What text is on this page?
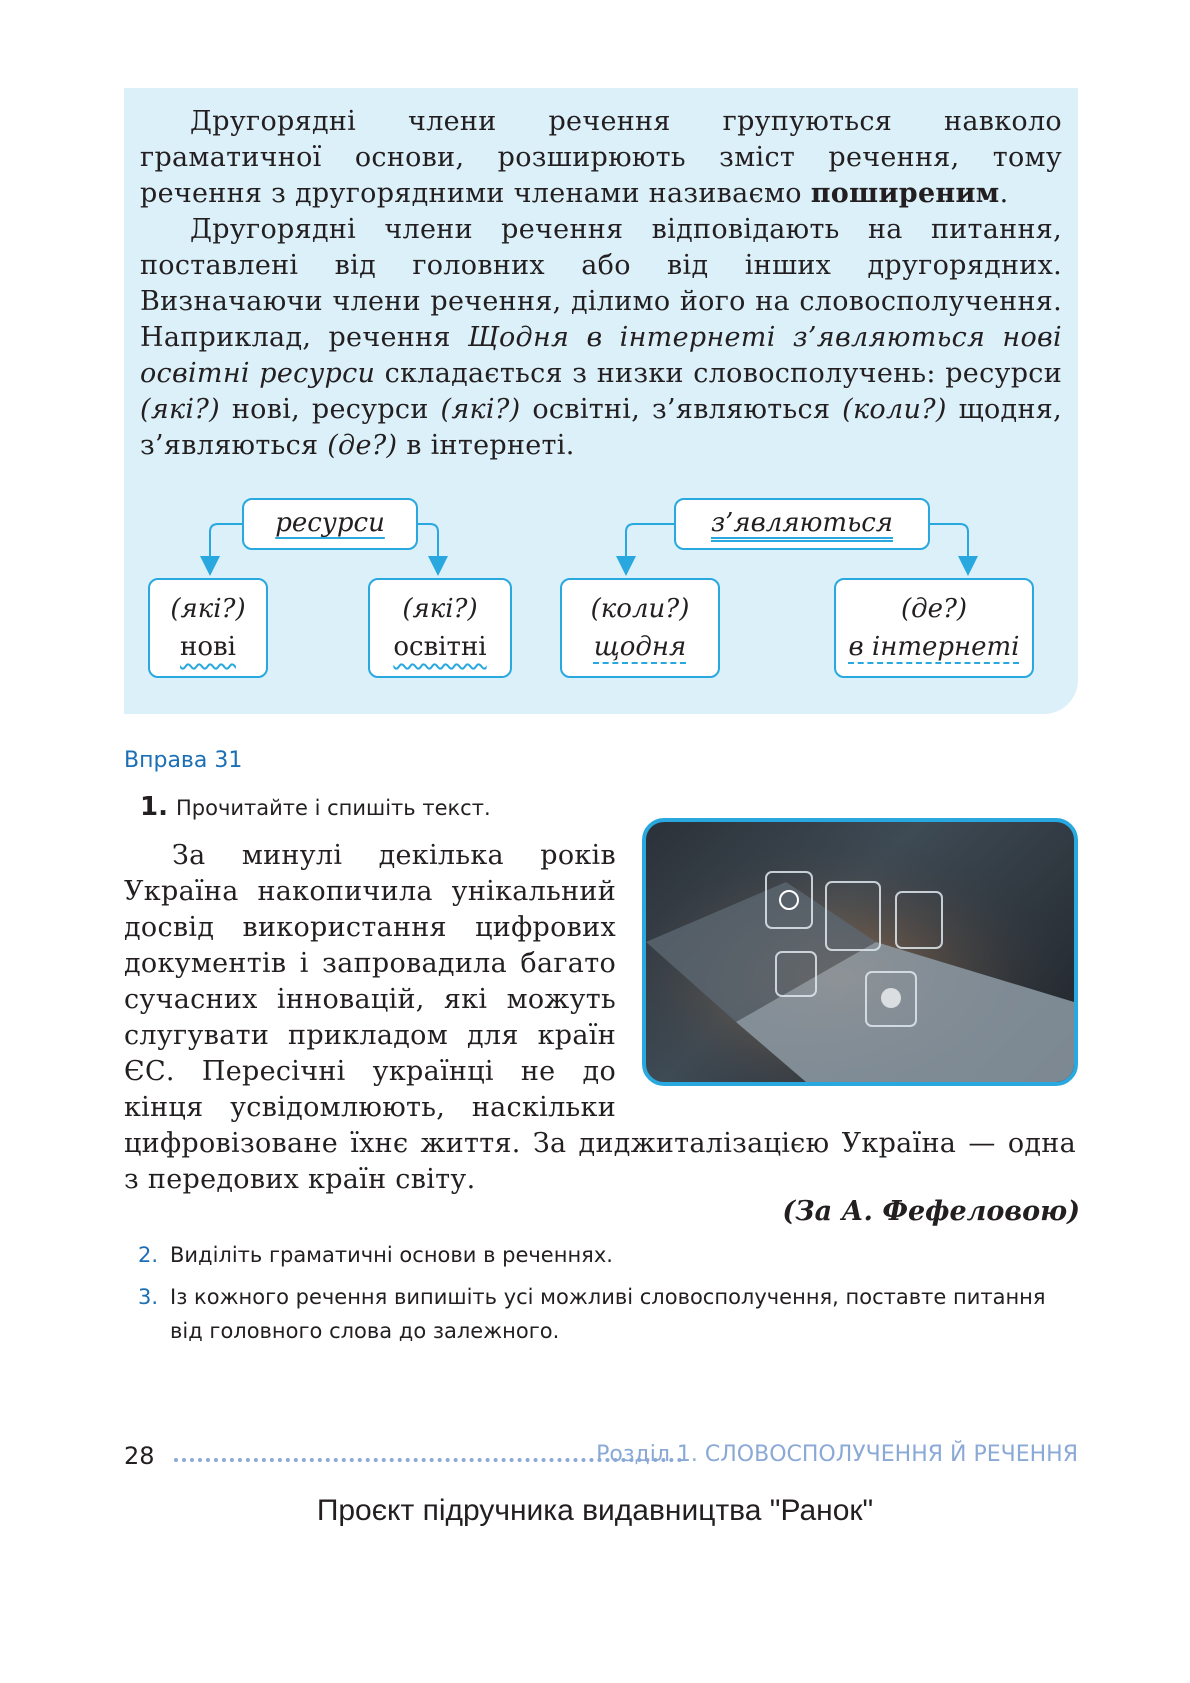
Другорядні члени речення групуються навколо граматичної основи, розширюють зміст речення, тому речення з другорядними членами називаємо поширеним.

Другорядні члени речення відповідають на питання, поставлені від головних або від інших другорядних. Визначаючи члени речення, ділимо його на словосполучення. Наприклад, речення Щодня в інтернеті з’являються нові освітні ресурси складається з низки словосполучень: ресурси (які?) нові, ресурси (які?) освітні, з’являються (коли?) щодня, з’являються (де?) в інтернеті.

ресурси
(які?)
нові
(які?)
освітні
з’являються
(коли?)
щодня
(де?)
в інтернеті
Вправа 31
1. Прочитайте і спишіть текст.

За минулі декілька років Україна накопичила унікальний досвід використання цифрових документів і запровадила багато сучасних інновацій, які можуть слугувати прикладом для країн ЄС. Пересічні українці не до кінця усвідомлюють, наскільки цифровізоване їхнє життя. За диджиталізацією Україна — одна з передових країн світу.

(За А. Фефеловою)
2. Виділіть граматичні основи в реченнях.
3. Із кожного речення випишіть усі можливі словосполучення, поставте питання від головного слова до залежного.
28	Розділ 1. СЛОВОСПОЛУЧЕННЯ Й РЕЧЕННЯ
Проєкт підручника видавництва "Ранок"
